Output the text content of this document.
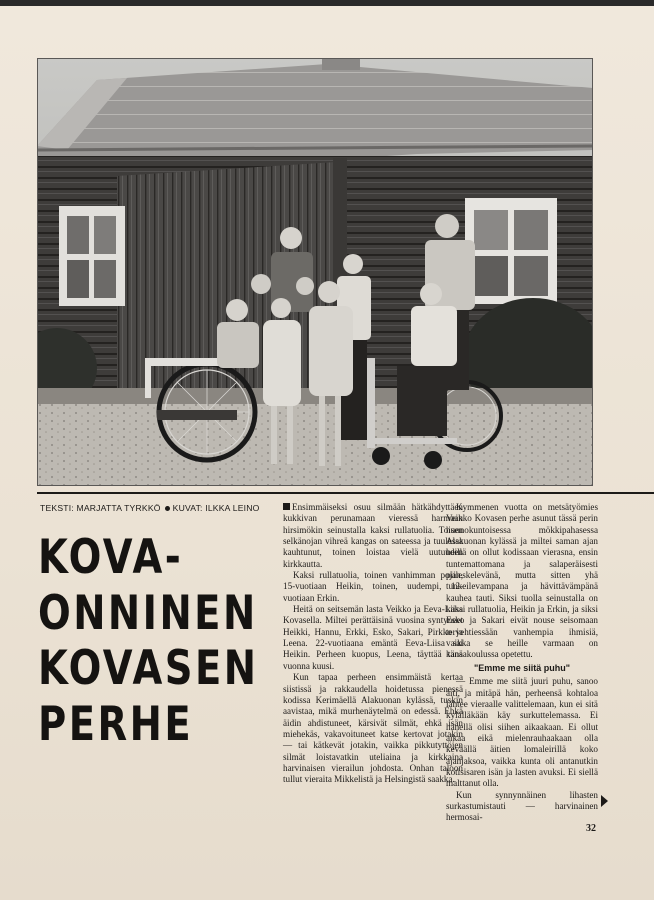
TEKSTI: MARJATTA TYRKKÖ KUVAT: ILKKA LEINO
KOVA-
ONNINEN
KOVASEN
PERHE

Ensimmäiseksi osuu silmään hätkähdyttäen kukkivan perunamaan vieressä harmaan hirsimökin seinustalla kaksi rullatuolia. Toisen selkänojan vihreä kangas on sateessa ja tuulessa kauhtunut, toinen loistaa vielä uutuuden kirkkautta.

Kaksi rullatuolia, toinen vanhimman pojan, 15-vuotiaan Heikin, toinen, uudempi, 12-vuotiaan Erkin.

Heitä on seitsemän lasta Veikko ja Eeva-Liisa Kovasella. Miltei perättäisinä vuosina syntyneet Heikki, Hannu, Erkki, Esko, Sakari, Pirkko ja Leena. 22-vuotiaana emäntä Eeva-Liisa sai Heikin. Perheen kuopus, Leena, täyttää tänä vuonna kuusi.

Kun tapaa perheen ensimmäistä kertaa siistissä ja rakkaudella hoidetussa pienessä kodissa Kerimäellä Alakuonan kylässä, tuskin aavistaa, mikä murhenäytelmä on edessä. Ehkä äidin ahdistuneet, kärsivät silmät, ehkä isän miehekäs, vakavoituneet katse kertovat jotakin — tai kätkevät jotakin, vaikka pikkutyttöjen silmät loistavatkin uteliaina ja kirkkaina harvinaisen vierailun johdosta. Onhan taloon tullut vieraita Mikkelistä ja Helsingistä saakka.

Kymmenen vuotta on metsätyömies Veikko Kovasen perhe asunut tässä perin huonokuntoisessa mökkipahasessa Alakuonan kylässä ja miltei saman ajan heillä on ollut kodissaan vierasna, ensin tuntemattomana ja salaperäisesti piileskelevänä, mutta sitten yhä tunkeilevampana ja hävittävämpänä kauhea tauti. Siksi tuolla seinustalla on kaksi rullatuolia, Heikin ja Erkin, ja siksi Esko ja Sakari eivät nouse seisomaan tervehtiessään vanhempia ihmisiä, vaikka se heille varmaan on kansakoulussa opetettu.

"Emme me siitä puhu"

— Emme me siitä juuri puhu, sanoo äiti, ja mitäpä hän, perheensä kohtaloa lähtee vieraalle valittelemaan, kun ei sitä kylälläkään käy surkuttelemassa. Ei hänellä olisi siihen aikaakaan. Ei ollut aikaa eikä mielenrauhaakaan olla keväällä äitien lomaleirillä koko ajanjaksoa, vaikka kunta oli antanutkin kotisisaren isän ja lasten avuksi. Ei siellä malttanut olla.

Kun synnynnäinen lihasten surkastumistauti — harvinainen hermosai-

32
